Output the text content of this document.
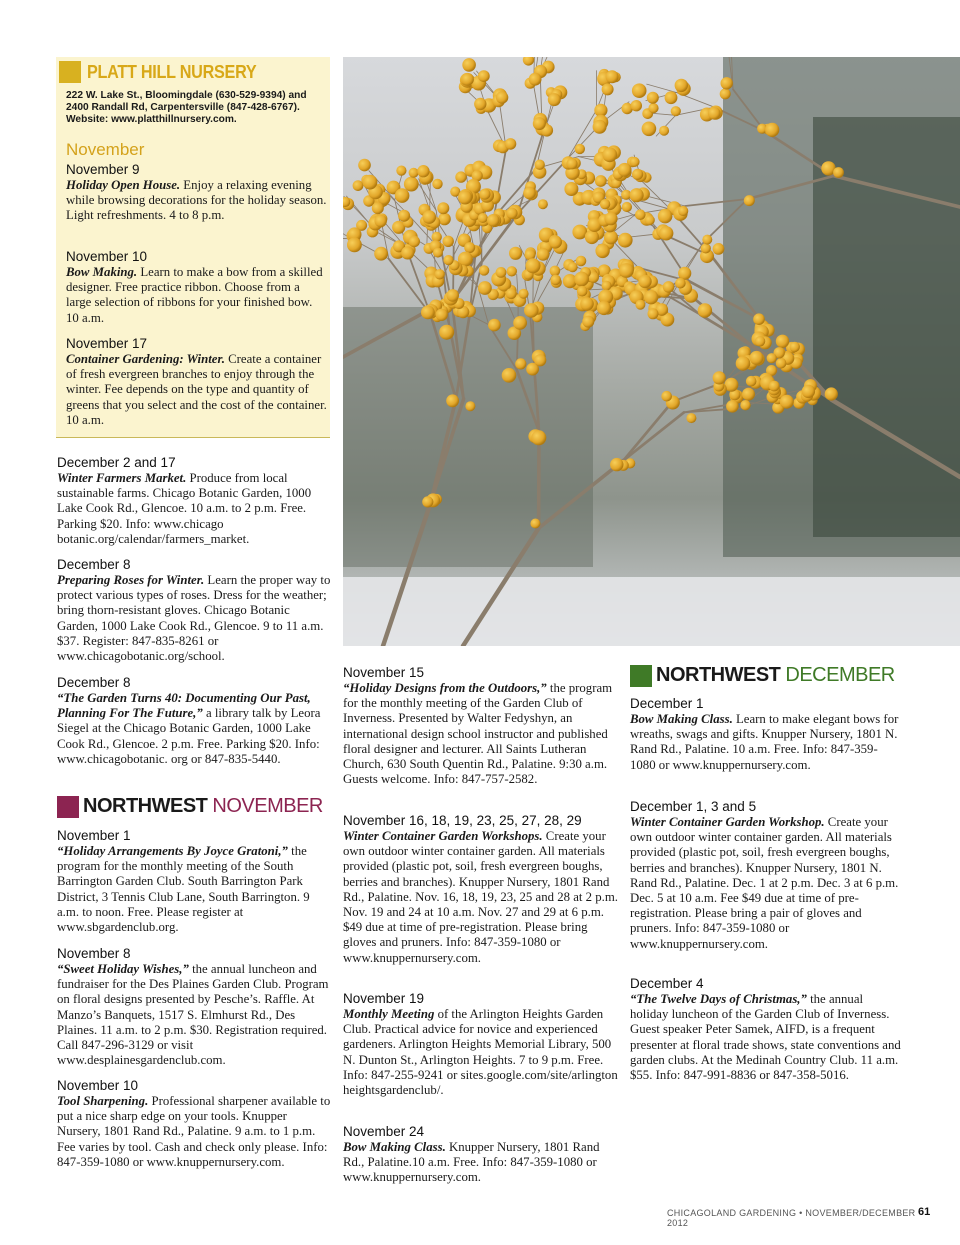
PLATT HILL NURSERY
222 W. Lake St., Bloomingdale (630-529-9394) and 2400 Randall Rd, Carpentersville (847-428-6767). Website: www.platthillnursery.com.
November
November 9
Holiday Open House. Enjoy a relaxing evening while browsing decorations for the holiday season. Light refreshments. 4 to 8 p.m.
November 10
Bow Making. Learn to make a bow from a skilled designer. Free practice ribbon. Choose from a large selection of ribbons for your finished bow. 10 a.m.
November 17
Container Gardening: Winter. Create a container of fresh evergreen branches to enjoy through the winter. Fee depends on the type and quantity of greens that you select and the cost of the container. 10 a.m.
December 2 and 17
Winter Farmers Market. Produce from local sustainable farms. Chicago Botanic Garden, 1000 Lake Cook Rd., Glencoe. 10 a.m. to 2 p.m. Free. Parking $20. Info: www.chicago botanic.org/calendar/farmers_market.
December 8
Preparing Roses for Winter. Learn the proper way to protect various types of roses. Dress for the weather; bring thorn-resistant gloves. Chicago Botanic Garden, 1000 Lake Cook Rd., Glencoe. 9 to 11 a.m. $37. Register: 847-835-8261 or www.chicagobotanic.org/school.
December 8
“The Garden Turns 40: Documenting Our Past, Planning For The Future,” a library talk by Leora Siegel at the Chicago Botanic Garden, 1000 Lake Cook Rd., Glencoe. 2 p.m. Free. Parking $20. Info: www.chicagobotanic. org or 847-835-5440.
NORTHWEST NOVEMBER
November 1
“Holiday Arrangements By Joyce Gratoni,” the program for the monthly meeting of the South Barrington Garden Club. South Barrington Park District, 3 Tennis Club Lane, South Barrington. 9 a.m. to noon. Free. Please register at www.sbgardenclub.org.
November 8
“Sweet Holiday Wishes,” the annual luncheon and fundraiser for the Des Plaines Garden Club. Program on floral designs presented by Pesche’s. Raffle. At Manzo’s Banquets, 1517 S. Elmhurst Rd., Des Plaines. 11 a.m. to 2 p.m. $30. Registration required. Call 847-296-3129 or visit www.desplainesgardenclub.com.
November 10
Tool Sharpening. Professional sharpener available to put a nice sharp edge on your tools. Knupper Nursery, 1801 Rand Rd., Palatine. 9 a.m. to 1 p.m. Fee varies by tool. Cash and check only please. Info: 847-359-1080 or www.knuppernursery.com.
November 15
“Holiday Designs from the Outdoors,” the program for the monthly meeting of the Garden Club of Inverness. Presented by Walter Fedyshyn, an international design school instructor and published floral designer and lecturer. All Saints Lutheran Church, 630 South Quentin Rd., Palatine. 9:30 a.m. Guests welcome. Info: 847-757-2582.
November 16, 18, 19, 23, 25, 27, 28, 29
Winter Container Garden Workshops. Create your own outdoor winter container garden. All materials provided (plastic pot, soil, fresh evergreen boughs, berries and branches). Knupper Nursery, 1801 Rand Rd., Palatine. Nov. 16, 18, 19, 23, 25 and 28 at 2 p.m. Nov. 19 and 24 at 10 a.m. Nov. 27 and 29 at 6 p.m. $49 due at time of pre-registration. Please bring gloves and pruners. Info: 847-359-1080 or www.knuppernursery.com.
November 19
Monthly Meeting of the Arlington Heights Garden Club. Practical advice for novice and experienced gardeners. Arlington Heights Memorial Library, 500 N. Dunton St., Arlington Heights. 7 to 9 p.m. Free. Info: 847-255-9241 or sites.google.com/site/arlington heightsgardenclub/.
November 24
Bow Making Class. Knupper Nursery, 1801 Rand Rd., Palatine.10 a.m. Free. Info: 847-359-1080 or www.knuppernursery.com.
NORTHWEST DECEMBER
December 1
Bow Making Class. Learn to make elegant bows for wreaths, swags and gifts. Knupper Nursery, 1801 N. Rand Rd., Palatine. 10 a.m. Free. Info: 847-359-1080 or www.knuppernursery.com.
December 1, 3 and 5
Winter Container Garden Workshop. Create your own outdoor winter container garden. All materials provided (plastic pot, soil, fresh evergreen boughs, berries and branches). Knupper Nursery, 1801 N. Rand Rd., Palatine. Dec. 1 at 2 p.m. Dec. 3 at 6 p.m. Dec. 5 at 10 a.m. Fee $49 due at time of pre-registration. Please bring a pair of gloves and pruners. Info: 847-359-1080 or www.knuppernursery.com.
December 4
“The Twelve Days of Christmas,” the annual holiday luncheon of the Garden Club of Inverness. Guest speaker Peter Samek, AIFD, is a frequent presenter at floral trade shows, state conventions and garden clubs. At the Medinah Country Club. 11 a.m. $55. Info: 847-991-8836 or 847-358-5016.
CHICAGOLAND GARDENING • NOVEMBER/DECEMBER 2012
61
